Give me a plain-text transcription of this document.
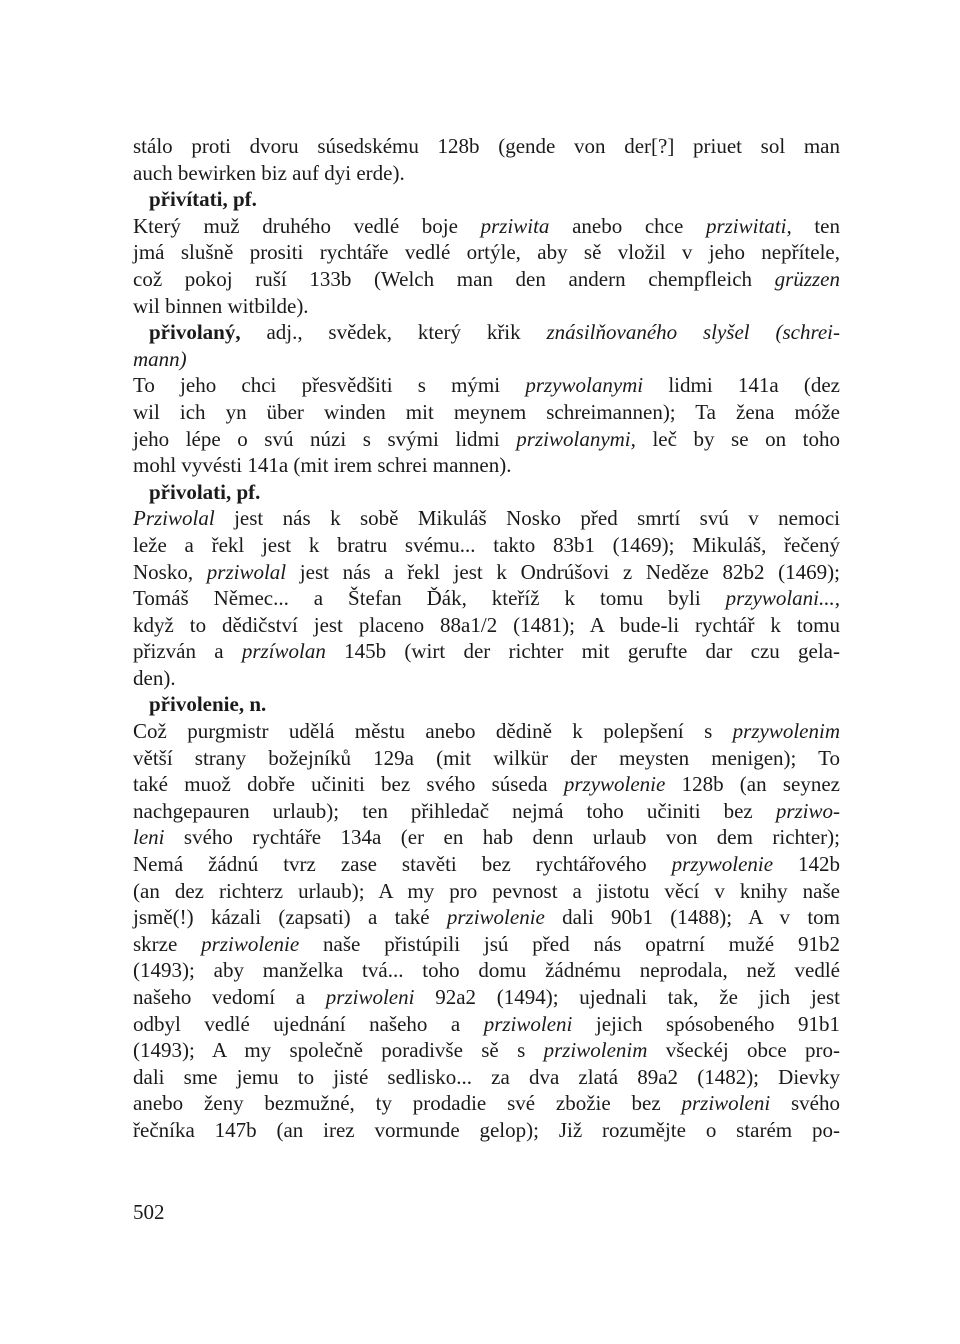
stálo proti dvoru súsedskému 128b (gende von der[?] priuet sol man
auch bewirken biz auf dyi erde).
přivítati, pf.
Který muž druhého vedlé boje prziwita anebo chce prziwitati, ten
jmá slušně prositi rychtáře vedlé ortýle, aby sě vložil v jeho nepřítele,
což pokoj ruší 133b (Welch man den andern chempfleich grüzzen
wil binnen witbilde).
přivolaný, adj., svědek, který křik znásilňovaného slyšel (schrei-
mann)
To jeho chci přesvědšiti s mými przywolanymi lidmi 141a (dez
wil ich yn über winden mit meynem schreimannen); Ta žena móže
jeho lépe o svú núzi s svými lidmi prziwolanymi, leč by se on toho
mohl vyvésti 141a (mit irem schrei mannen).
přivolati, pf.
Prziwolal jest nás k sobě Mikuláš Nosko před smrtí svú v nemoci
leže a řekl jest k bratru svému... takto 83b1 (1469); Mikuláš, řečený
Nosko, prziwolal jest nás a řekl jest k Ondrúšovi z Neděze 82b2 (1469);
Tomáš Němec... a Štefan Ďák, kteříž k tomu byli przywolani...,
když to dědičství jest placeno 88a1/2 (1481); A bude-li rychtář k tomu
přizván a przíwolan 145b (wirt der richter mit gerufte dar czu gela-
den).
přivolenie, n.
Což purgmistr udělá městu anebo dědině k polepšení s przywolenim
větší strany božejníků 129a (mit wilkür der meysten menigen); To
také muož dobře učiniti bez svého súseda przywolenie 128b (an seynez
nachgepauren urlaub); ten přihledač nejmá toho učiniti bez prziwo-
leni svého rychtáře 134a (er en hab denn urlaub von dem richter);
Nemá žádnú tvrz zase stavěti bez rychtářového przywolenie 142b
(an dez richterz urlaub); A my pro pevnost a jistotu věcí v knihy naše
jsmě(!) kázali (zapsati) a také prziwolenie dali 90b1 (1488); A v tom
skrze prziwolenie naše přistúpili jsú před nás opatrní mužé 91b2
(1493); aby manželka tvá... toho domu žádnému neprodala, než vedlé
našeho vedomí a prziwoleni 92a2 (1494); ujednali tak, že jich jest
odbyl vedlé ujednání našeho a prziwoleni jejich spósobeného 91b1
(1493); A my společně poradivše sě s prziwolenim všeckéj obce pro-
dali sme jemu to jisté sedlisko... za dva zlatá 89a2 (1482); Dievky
anebo ženy bezmužné, ty prodadie své zbožie bez prziwoleni svého
řečníka 147b (an irez vormunde gelop); Již rozumějte o starém po-
502
